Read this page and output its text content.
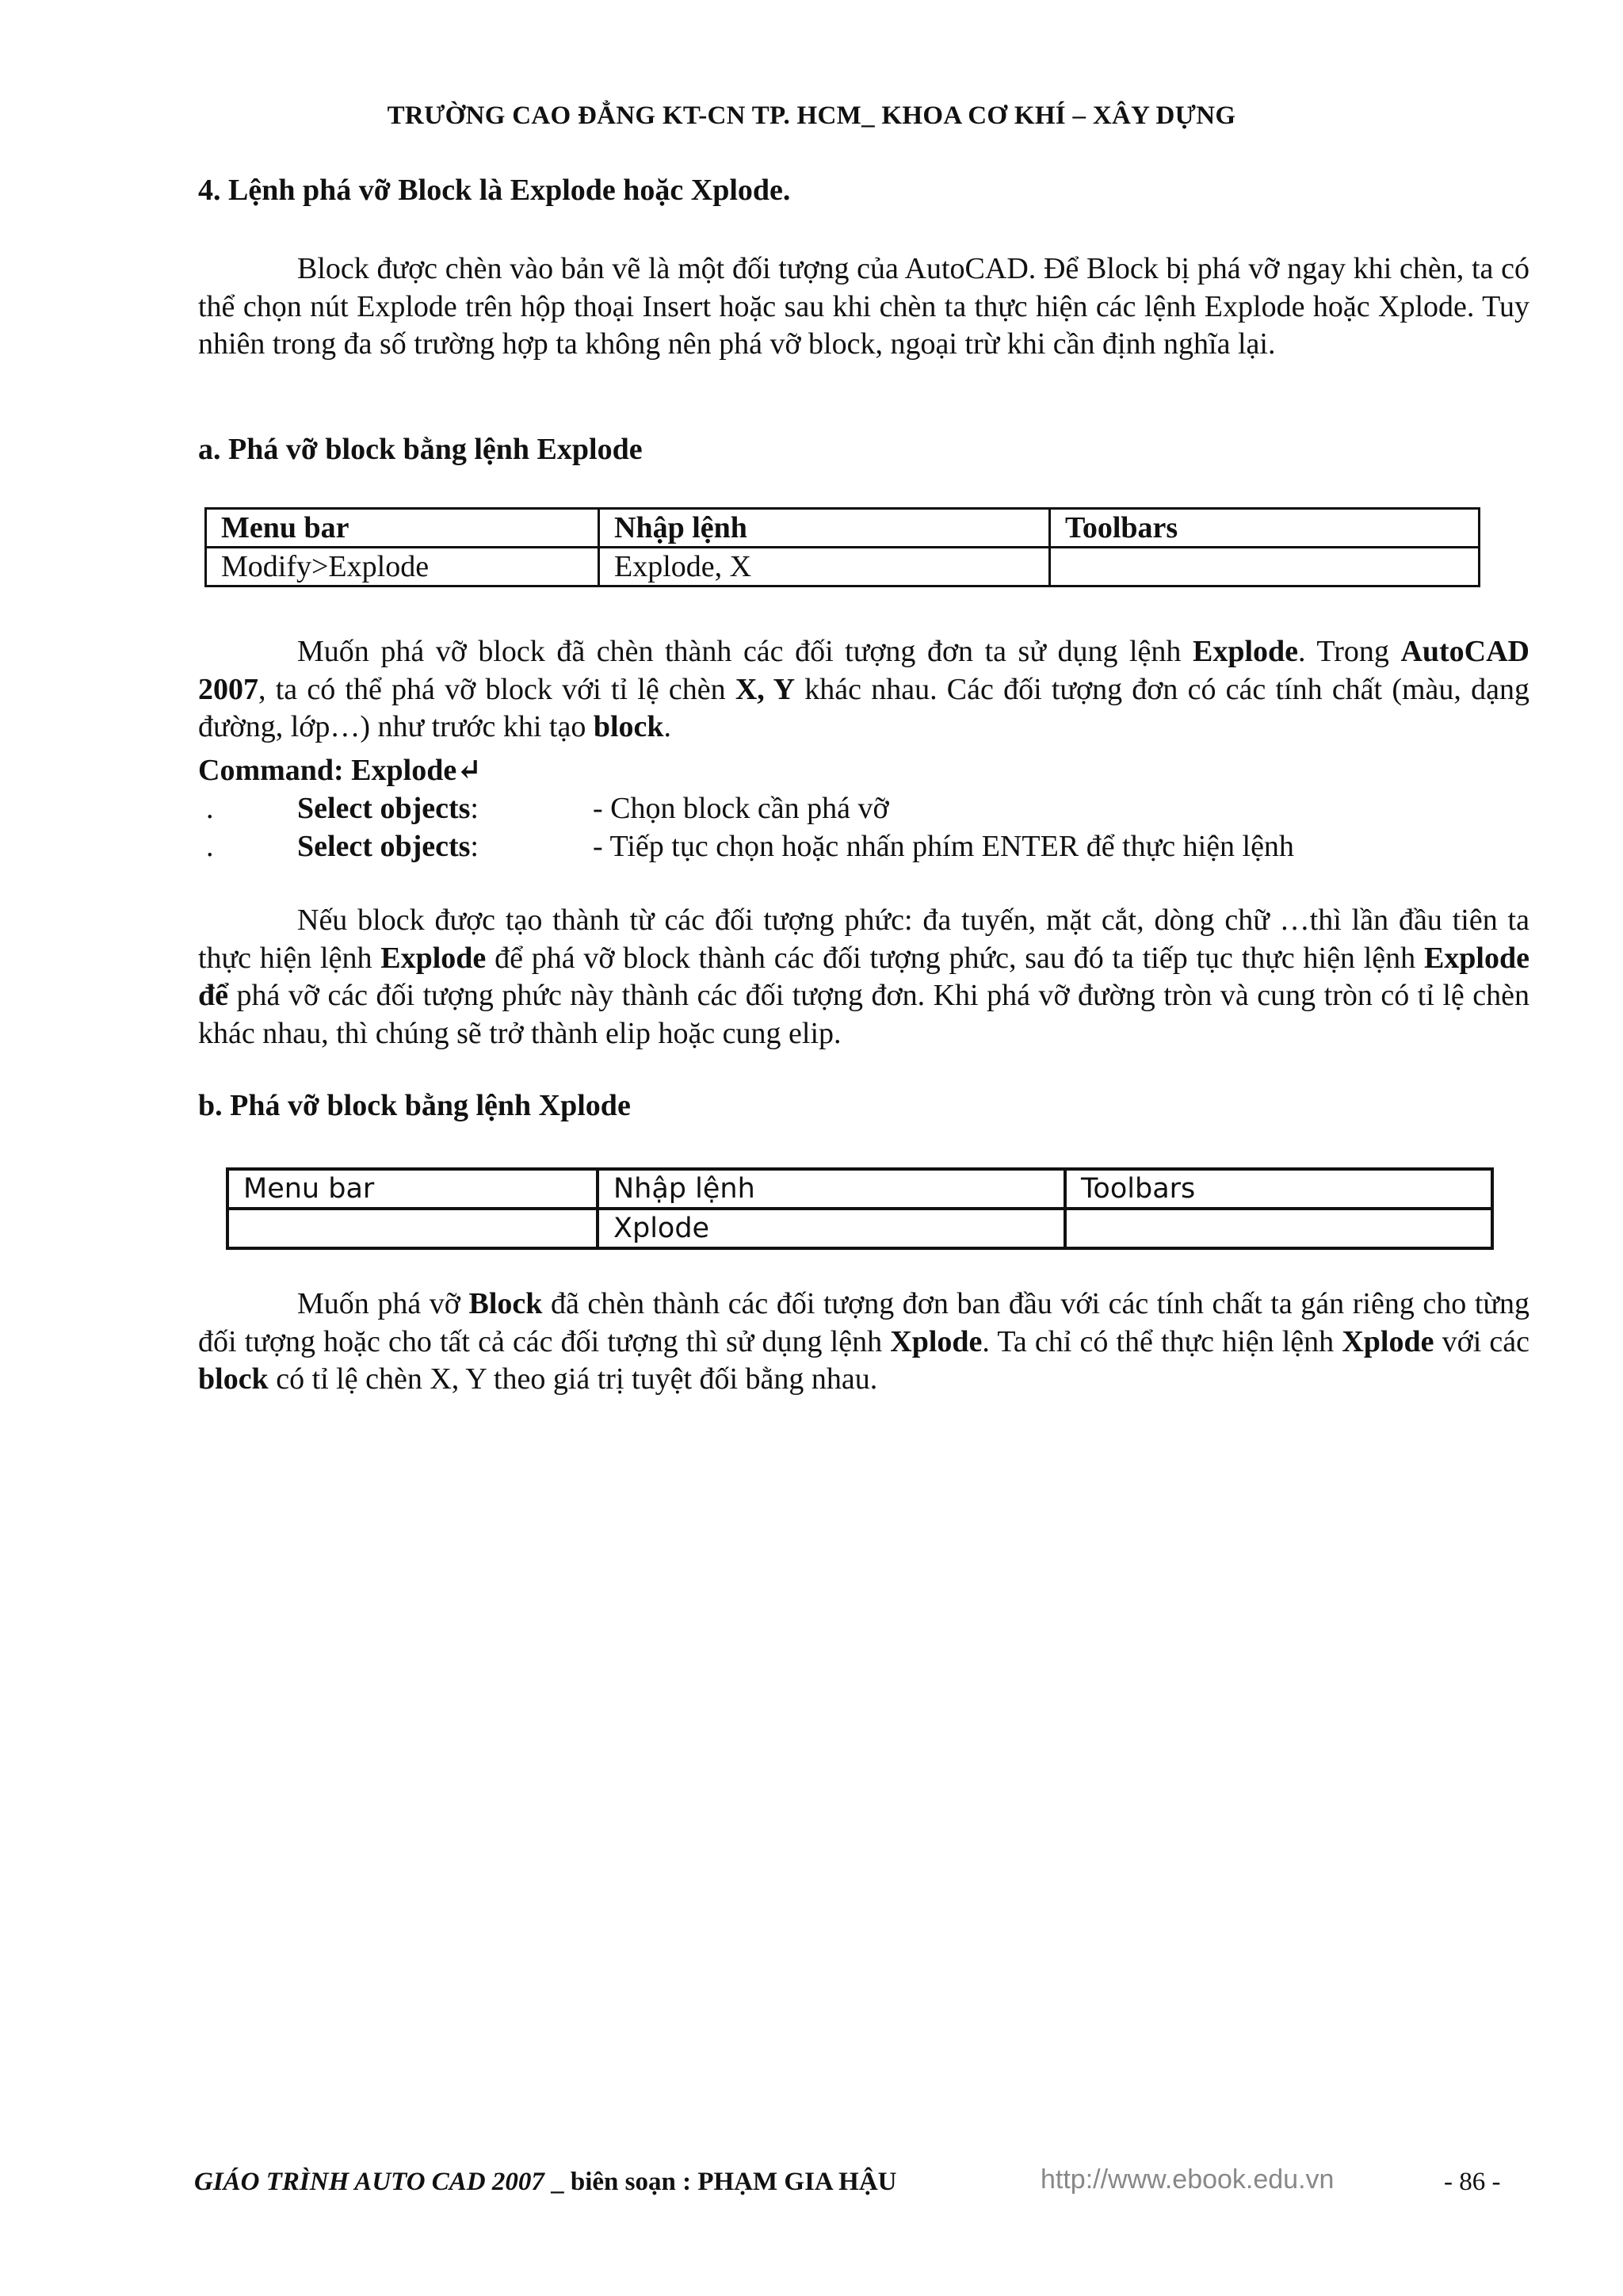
TRƯỜNG CAO ĐẲNG KT-CN TP. HCM_ KHOA CƠ KHÍ – XÂY DỰNG
4. Lệnh phá vỡ Block là Explode hoặc Xplode.
Block được chèn vào bản vẽ là một đối tượng của AutoCAD. Để Block bị phá vỡ ngay khi chèn, ta có thể chọn nút Explode trên hộp thoại Insert hoặc sau khi chèn ta thực hiện các lệnh Explode hoặc Xplode. Tuy nhiên trong đa số trường hợp ta không nên phá vỡ block, ngoại trừ khi cần định nghĩa lại.
a. Phá vỡ block bằng lệnh Explode
Menu bar	Nhập lệnh	Toolbars
Modify>Explode	Explode, X	
Muốn phá vỡ block đã chèn thành các đối tượng đơn ta sử dụng lệnh Explode. Trong AutoCAD 2007, ta có thể phá vỡ block với tỉ lệ chèn X, Y khác nhau. Các đối tượng đơn có các tính chất (màu, dạng đường, lớp…) như trước khi tạo block.
Command: Explode↵
.	Select objects:	- Chọn block cần phá vỡ
.	Select objects:	- Tiếp tục chọn hoặc nhấn phím ENTER để thực hiện lệnh
Nếu block được tạo thành từ các đối tượng phức: đa tuyến, mặt cắt, dòng chữ …thì lần đầu tiên ta thực hiện lệnh Explode để phá vỡ block thành các đối tượng phức, sau đó ta tiếp tục thực hiện lệnh Explode để phá vỡ các đối tượng phức này thành các đối tượng đơn. Khi phá vỡ đường tròn và cung tròn có tỉ lệ chèn khác nhau, thì chúng sẽ trở thành elip hoặc cung elip.
b. Phá vỡ block bằng lệnh Xplode
Menu bar	Nhập lệnh	Toolbars
	Xplode	
Muốn phá vỡ Block đã chèn thành các đối tượng đơn ban đầu với các tính chất ta gán riêng cho từng đối tượng hoặc cho tất cả các đối tượng thì sử dụng lệnh Xplode. Ta chỉ có thể thực hiện lệnh Xplode với các block có tỉ lệ chèn X, Y theo giá trị tuyệt đối bằng nhau.
GIÁO TRÌNH AUTO CAD 2007 _ biên soạn : PHẠM GIA HẬU	http://www.ebook.edu.vn	- 86 -
